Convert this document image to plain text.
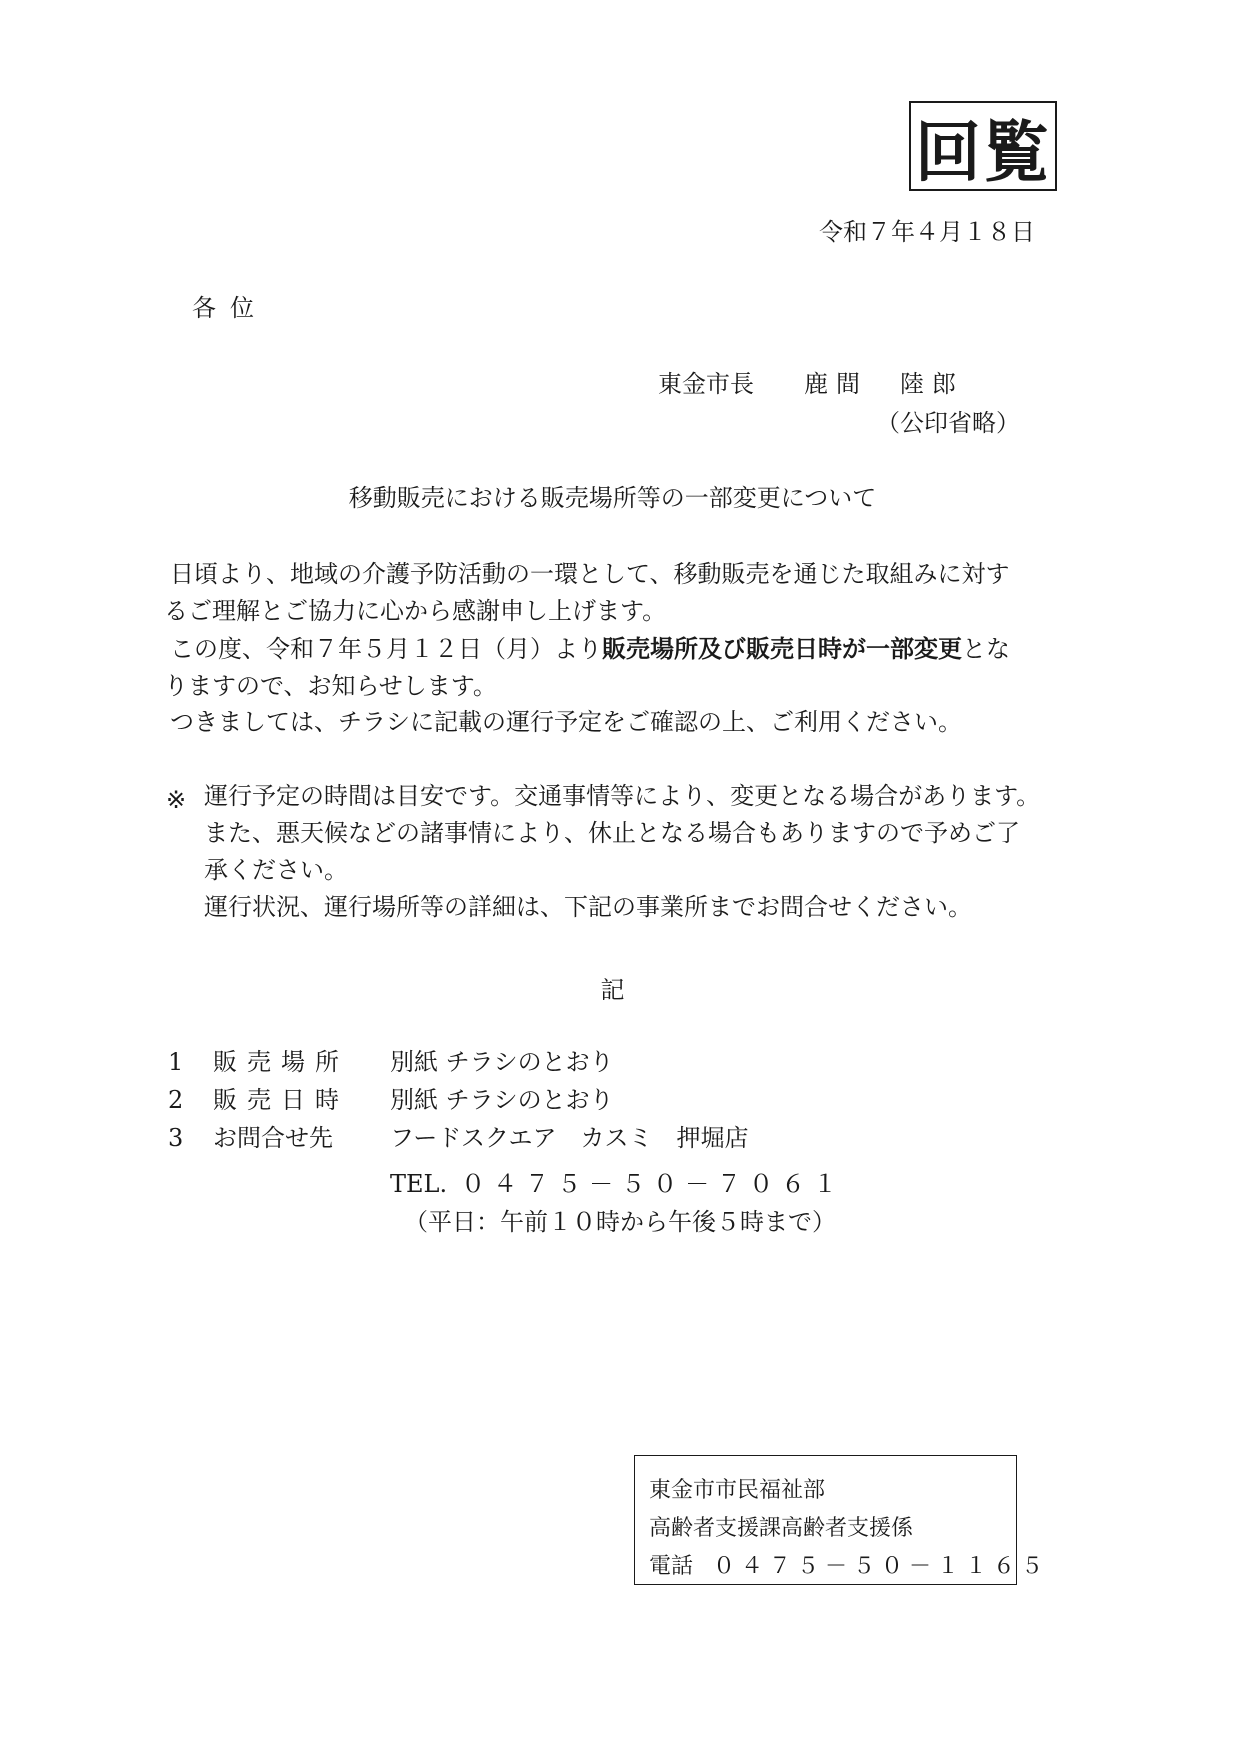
回覧
令和７年４月１８日
各位
東金市長 鹿間　陸郎
（公印省略）
移動販売における販売場所等の一部変更について
日頃より、地域の介護予防活動の一環として、移動販売を通じた取組みに対す
るご理解とご協力に心から感謝申し上げます。
この度、令和７年５月１２日（月）より販売場所及び販売日時が一部変更とな
りますので、お知らせします。
つきましては、チラシに記載の運行予定をご確認の上、ご利用ください。
※ 運行予定の時間は目安です。交通事情等により、変更となる場合があります。
また、悪天候などの諸事情により、休止となる場合もありますので予めご了
承ください。
運行状況、運行場所等の詳細は、下記の事業所までお問合せください。
記
1 販売場所 別紙 チラシのとおり
2 販売日時 別紙 チラシのとおり
3 お問合せ先 フードスクエア　カスミ　押堀店
TEL. ０４７５－５０－７０６１
（平日：午前１０時から午後５時まで）
東金市市民福祉部
高齢者支援課高齢者支援係
電話 ０４７５－５０－１１６５
